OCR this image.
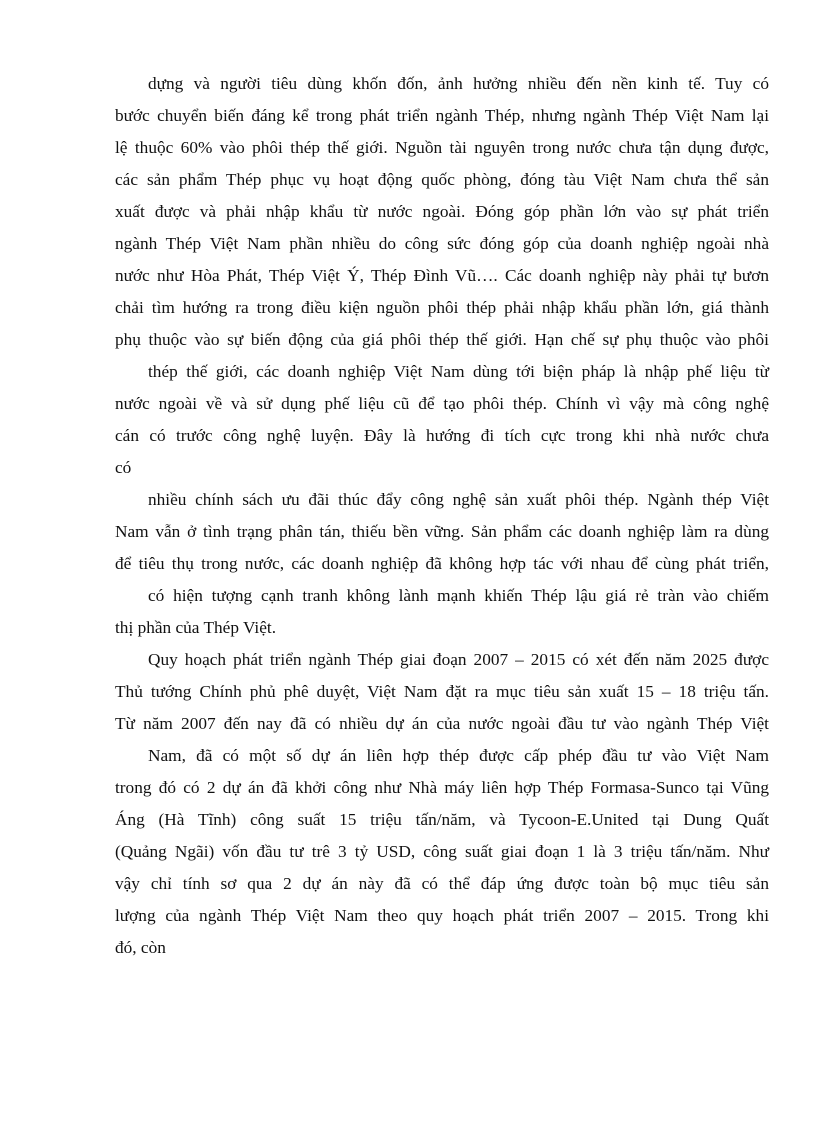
dựng và người tiêu dùng khốn đốn, ảnh hưởng nhiều đến nền kinh tế. Tuy có
bước chuyển biến đáng kể trong phát triển ngành Thép, nhưng ngành Thép Việt Nam lại
lệ thuộc 60% vào phôi thép thế giới. Nguồn tài nguyên trong nước chưa tận dụng được,
các sản phẩm Thép phục vụ hoạt động quốc phòng, đóng tàu Việt Nam chưa thể sản
xuất được và phải nhập khẩu từ nước ngoài. Đóng góp phần lớn vào sự phát triển
ngành Thép Việt Nam phần nhiều do công sức đóng góp của doanh nghiệp ngoài nhà
nước như Hòa Phát, Thép Việt Ý, Thép Đình Vũ…. Các doanh nghiệp này phải tự bươn
chải tìm hướng ra trong điều kiện nguồn phôi thép phải nhập khẩu phần lớn, giá thành
phụ thuộc vào sự biến động của giá phôi thép thế giới. Hạn chế sự phụ thuộc vào phôi
thép thế giới, các doanh nghiệp Việt Nam dùng tới biện pháp là nhập phế liệu từ
nước ngoài về và sử dụng phế liệu cũ để tạo phôi thép. Chính vì vậy mà công nghệ
cán có trước công nghệ luyện. Đây là hướng đi tích cực trong khi nhà nước chưa
có
nhiều chính sách ưu đãi thúc đẩy công nghệ sản xuất phôi thép. Ngành thép Việt
Nam vẫn ở tình trạng phân tán, thiếu bền vững. Sản phẩm các doanh nghiệp làm ra dùng
để tiêu thụ trong nước, các doanh nghiệp đã không hợp tác với nhau để cùng phát triển,
có hiện tượng cạnh tranh không lành mạnh khiến Thép lậu giá rẻ tràn vào chiếm
thị phần của Thép Việt.
Quy hoạch phát triển ngành Thép giai đoạn 2007 – 2015 có xét đến năm 2025 được
Thủ tướng Chính phủ phê duyệt, Việt Nam đặt ra mục tiêu sản xuất 15 – 18 triệu tấn.
Từ năm 2007 đến nay đã có nhiều dự án của nước ngoài đầu tư vào ngành Thép Việt
Nam, đã có một số dự án liên hợp thép được cấp phép đầu tư vào Việt Nam
trong đó có 2 dự án đã khởi công như Nhà máy liên hợp Thép Formasa-Sunco tại Vũng
Áng (Hà Tĩnh) công suất 15 triệu tấn/năm, và Tycoon-E.United tại Dung Quất
(Quảng Ngãi) vốn đầu tư trê 3 tỷ USD, công suất giai đoạn 1 là 3 triệu tấn/năm. Như
vậy chỉ tính sơ qua 2 dự án này đã có thể đáp ứng được toàn bộ mục tiêu sản
lượng của ngành Thép Việt Nam theo quy hoạch phát triển 2007 – 2015. Trong khi
đó, còn
